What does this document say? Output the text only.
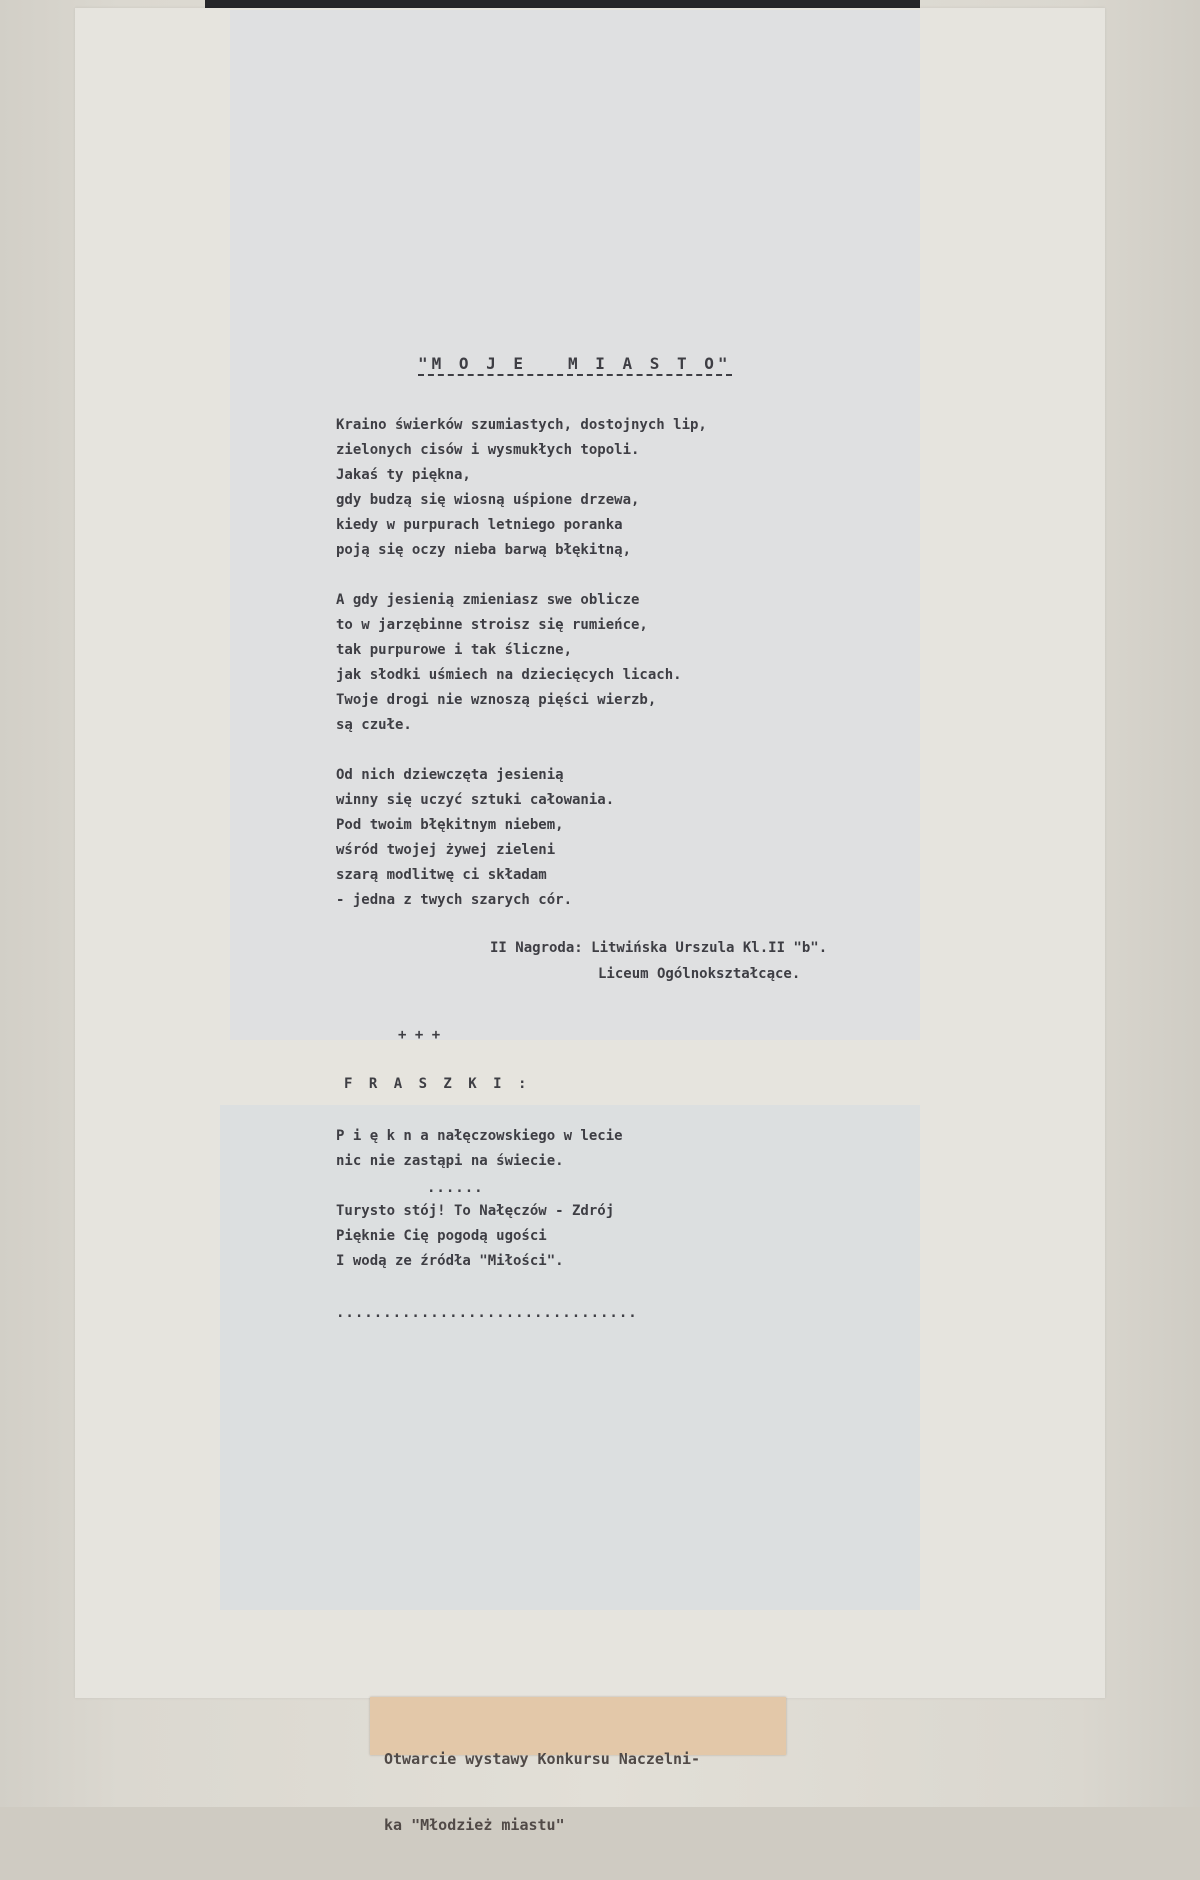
"M O J E   M I A S T O"

Kraino świerków szumiastych, dostojnych lip,
zielonych cisów i wysmukłych topoli.
Jakaś ty piękna,
gdy budzą się wiosną uśpione drzewa,
kiedy w purpurach letniego poranka
poją się oczy nieba barwą błękitną,
A gdy jesienią zmieniasz swe oblicze
to w jarzębinne stroisz się rumieńce,
tak purpurowe i tak śliczne,
jak słodki uśmiech na dziecięcych licach.
Twoje drogi nie wznoszą pięści wierzb,
są czułe.
Od nich dziewczęta jesienią
winny się uczyć sztuki całowania.
Pod twoim błękitnym niebem,
wśród twojej żywej zieleni
szarą modlitwę ci składam
- jedna z twych szarych cór.
II Nagroda: Litwińska Urszula Kl.II "b".
Liceum Ogólnokształcące.
+ + +
F R A S Z K I :
P i ę k n a nałęczowskiego w lecie
nic nie zastąpi na świecie.
......
Turysto stój! To Nałęczów - Zdrój
Pięknie Cię pogodą ugości
I wodą ze źródła "Miłości".
................................

Otwarcie wystawy Konkursu Naczelni-

ka "Młodzież miastu"
